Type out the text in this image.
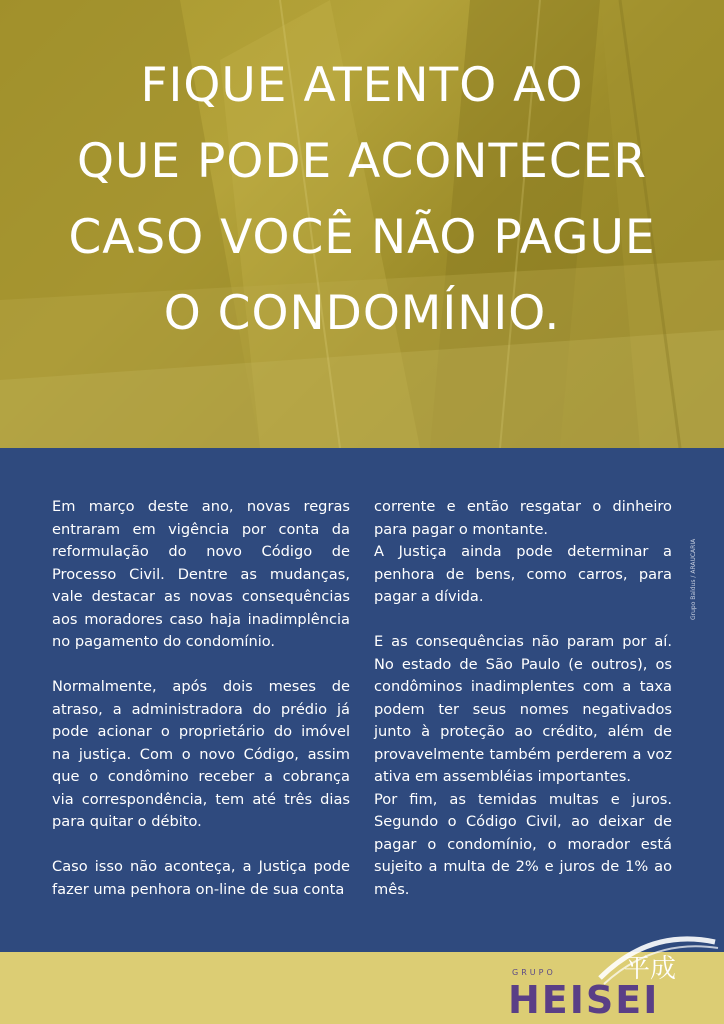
FIQUE ATENTO AO
QUE PODE ACONTECER
CASO VOCÊ NÃO PAGUE
O CONDOMÍNIO.

Em março deste ano, novas regras entraram em vigência por conta da reformulação do novo Código de Processo Civil. Dentre as mudanças, vale destacar as novas consequências aos moradores caso haja inadimplência no pagamento do condomínio.

Normalmente, após dois meses de atraso, a administradora do prédio já pode acionar o proprietário do imóvel na justiça. Com o novo Código, assim que o condômino receber a cobrança via correspondência, tem até três dias para quitar o débito.

Caso isso não aconteça, a Justiça pode fazer uma penhora on-line de sua conta

corrente e então resgatar o dinheiro para pagar o montante.

A Justiça ainda pode determinar a penhora de bens, como carros, para pagar a dívida.

E as consequências não param por aí. No estado de São Paulo (e outros), os condôminos inadimplentes com a taxa podem ter seus nomes negativados junto à proteção ao crédito, além de provavelmente também perderem a voz ativa em assembléias importantes.

Por fim, as temidas multas e juros. Segundo o Código Civil, ao deixar de pagar o condomínio, o morador está sujeito a multa de 2% e juros de 1% ao mês.

Grupo Baldus / ARAUCÁRIA
GRUPO
HEISEI
平成
